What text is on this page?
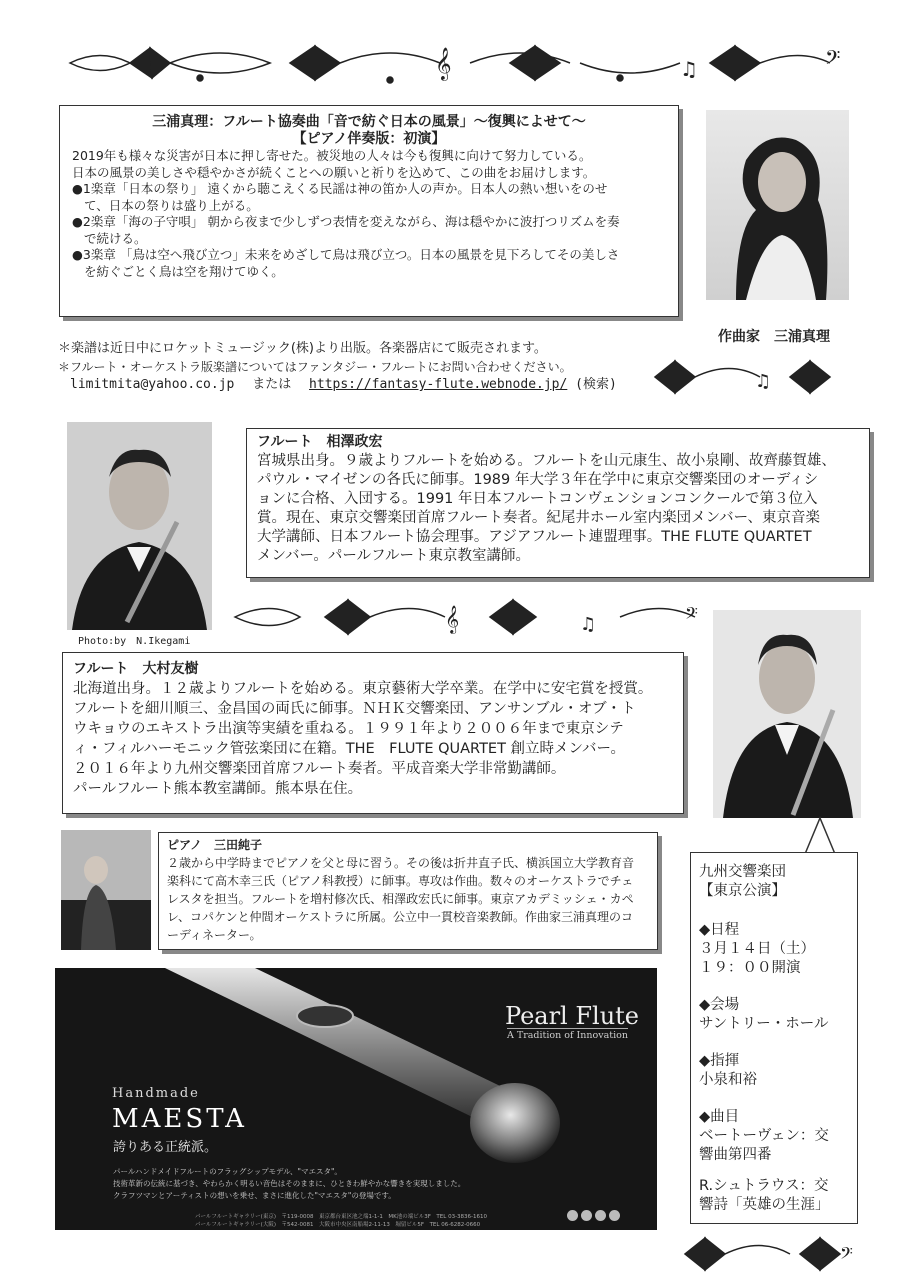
𝄞	♫	𝄢
三浦真理：フルート協奏曲「音で紡ぐ日本の風景」～復興によせて～
【ピアノ伴奏版：初演】
2019年も様々な災害が日本に押し寄せた。被災地の人々は今も復興に向けて努力している。
日本の風景の美しさや穏やかさが続くことへの願いと祈りを込めて、この曲をお届けします。
●1楽章「日本の祭り」 遠くから聴こえくる民謡は神の笛か人の声か。日本人の熱い想いをのせ
て、日本の祭りは盛り上がる。
●2楽章「海の子守唄」 朝から夜まで少しずつ表情を変えながら、海は穏やかに波打つリズムを奏
で続ける。
●3楽章 「鳥は空へ飛び立つ」未来をめざして鳥は飛び立つ。日本の風景を見下ろしてその美しさ
を紡ぐごとく鳥は空を翔けてゆく。
作曲家　三浦真理
＊楽譜は近日中にロケットミュージック(株)より出版。各楽器店にて販売されます。
＊フルート・オーケストラ版楽譜についてはファンタジー・フルートにお問い合わせください。
limitmita@yahoo.co.jp または https://fantasy-flute.webnode.jp/ (検索)	♫
Photo:by　N.Ikegami
フルート　相澤政宏
宮城県出身。９歳よりフルートを始める。フルートを山元康生、故小泉剛、故齊藤賀雄、
パウル・マイゼンの各氏に師事。1989 年大学３年在学中に東京交響楽団のオーディシ
ョンに合格、入団する。1991 年日本フルートコンヴェンションコンクールで第３位入
賞。現在、東京交響楽団首席フルート奏者。紀尾井ホール室内楽団メンバー、東京音楽
大学講師、日本フルート協会理事。アジアフルート連盟理事。THE FLUTE QUARTET
メンバー。パールフルート東京教室講師。
𝄞	♫	𝄢
フルート　大村友樹
北海道出身。１２歳よりフルートを始める。東京藝術大学卒業。在学中に安宅賞を授賞。
フルートを細川順三、金昌国の両氏に師事。ＮＨＫ交響楽団、アンサンブル・オブ・ト
ウキョウのエキストラ出演等実績を重ねる。１９９１年より２００６年まで東京シテ
ィ・フィルハーモニック管弦楽団に在籍。THE　FLUTE QUARTET 創立時メンバー。
２０１６年より九州交響楽団首席フルート奏者。平成音楽大学非常勤講師。
パールフルート熊本教室講師。熊本県在住。
ピアノ　三田純子
２歳から中学時までピアノを父と母に習う。その後は折井直子氏、横浜国立大学教育音
楽科にて高木幸三氏（ピアノ科教授）に師事。専攻は作曲。数々のオーケストラでチェ
レスタを担当。フルートを増村修次氏、相澤政宏氏に師事。東京アカデミッシェ・カペ
レ、コパケンと仲間オーケストラに所属。公立中一貫校音楽教師。作曲家三浦真理のコ
ーディネーター。

九州交響楽団
【東京公演】

◆日程
３月１４日（土）
１９：００開演

◆会場
サントリー・ホール

◆指揮
小泉和裕

◆曲目
ベートーヴェン：交
響曲第四番

R.シュトラウス：交
響詩「英雄の生涯」

𝄢
Pearl Flute
A Tradition of Innovation
Handmade
MAESTA
誇りある正統派。
パールハンドメイドフルートのフラッグシップモデル、"マエスタ"。
技術革新の伝統に基づき、やわらかく明るい音色はそのままに、ひときわ鮮やかな響きを実現しました。
クラフツマンとアーティストの想いを乗せ、まさに進化した"マエスタ"の登場です。
パールフルートギャラリー(東京)　〒119-0008　東京都台東区池之端1-1-1　MK池の端ビル3F　TEL 03-3836-1610
パールフルートギャラリー(大阪)　〒542-0081　大阪市中央区南船場2-11-13　堀留ビル5F　TEL 06-6282-0660
